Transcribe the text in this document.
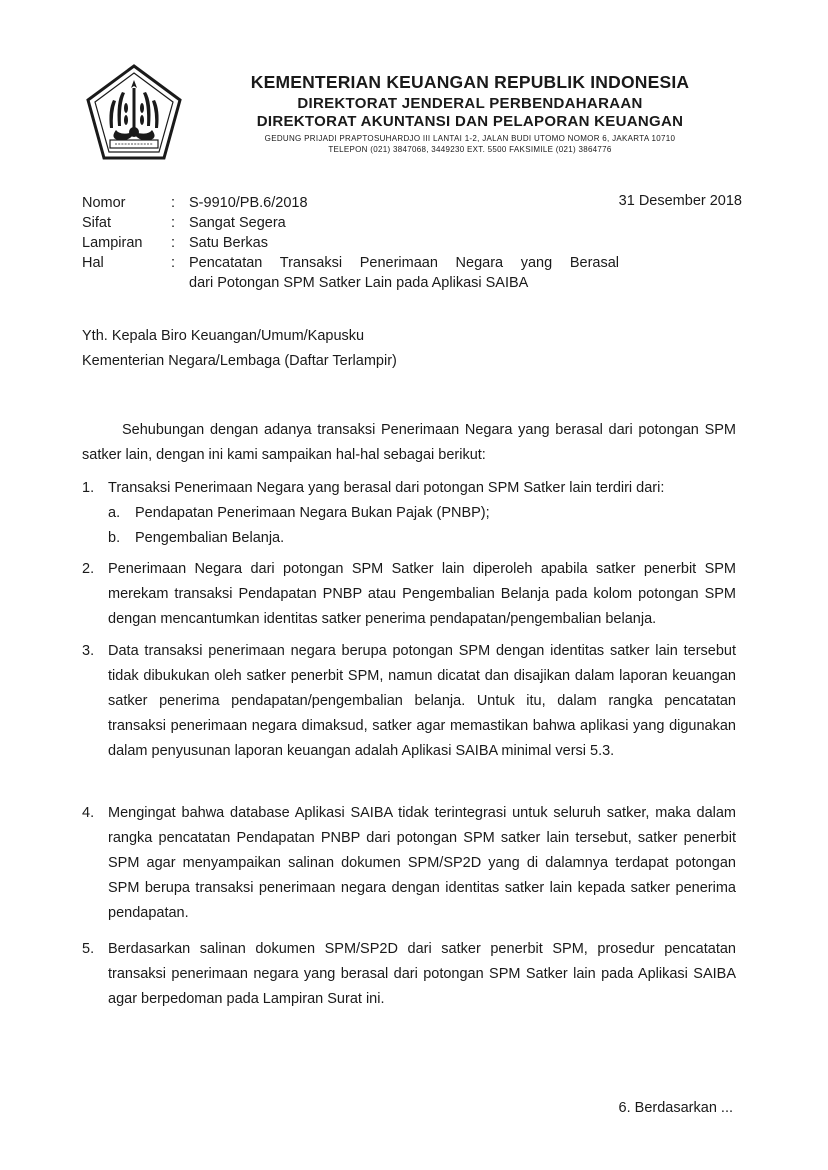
KEMENTERIAN KEUANGAN REPUBLIK INDONESIA
DIREKTORAT JENDERAL PERBENDAHARAAN
DIREKTORAT AKUNTANSI DAN PELAPORAN KEUANGAN
GEDUNG PRIJADI PRAPTOSUHARDJO III LANTAI 1-2, JALAN BUDI UTOMO NOMOR 6, JAKARTA 10710
TELEPON (021) 3847068, 3449230 EXT. 5500 FAKSIMILE (021) 3864776
31 Desember 2018
Nomor	: S-9910/PB.6/2018
Sifat	: Sangat Segera
Lampiran : Satu Berkas
Hal	: Pencatatan Transaksi Penerimaan Negara yang Berasal
dari Potongan SPM Satker Lain pada Aplikasi SAIBA
Yth. Kepala Biro Keuangan/Umum/Kapusku
Kementerian Negara/Lembaga (Daftar Terlampir)
Sehubungan dengan adanya transaksi Penerimaan Negara yang berasal dari potongan SPM satker lain, dengan ini kami sampaikan hal-hal sebagai berikut:
1. Transaksi Penerimaan Negara yang berasal dari potongan SPM Satker lain terdiri dari:
a. Pendapatan Penerimaan Negara Bukan Pajak (PNBP);
b. Pengembalian Belanja.
2. Penerimaan Negara dari potongan SPM Satker lain diperoleh apabila satker penerbit SPM merekam transaksi Pendapatan PNBP atau Pengembalian Belanja pada kolom potongan SPM dengan mencantumkan identitas satker penerima pendapatan/pengembalian belanja.
3. Data transaksi penerimaan negara berupa potongan SPM dengan identitas satker lain tersebut tidak dibukukan oleh satker penerbit SPM, namun dicatat dan disajikan dalam laporan keuangan satker penerima pendapatan/pengembalian belanja. Untuk itu, dalam rangka pencatatan transaksi penerimaan negara dimaksud, satker agar memastikan bahwa aplikasi yang digunakan dalam penyusunan laporan keuangan adalah Aplikasi SAIBA minimal versi 5.3.
4. Mengingat bahwa database Aplikasi SAIBA tidak terintegrasi untuk seluruh satker, maka dalam rangka pencatatan Pendapatan PNBP dari potongan SPM satker lain tersebut, satker penerbit SPM agar menyampaikan salinan dokumen SPM/SP2D yang di dalamnya terdapat potongan SPM berupa transaksi penerimaan negara dengan identitas satker lain kepada satker penerima pendapatan.
5. Berdasarkan salinan dokumen SPM/SP2D dari satker penerbit SPM, prosedur pencatatan transaksi penerimaan negara yang berasal dari potongan SPM Satker lain pada Aplikasi SAIBA agar berpedoman pada Lampiran Surat ini.
6. Berdasarkan ...
